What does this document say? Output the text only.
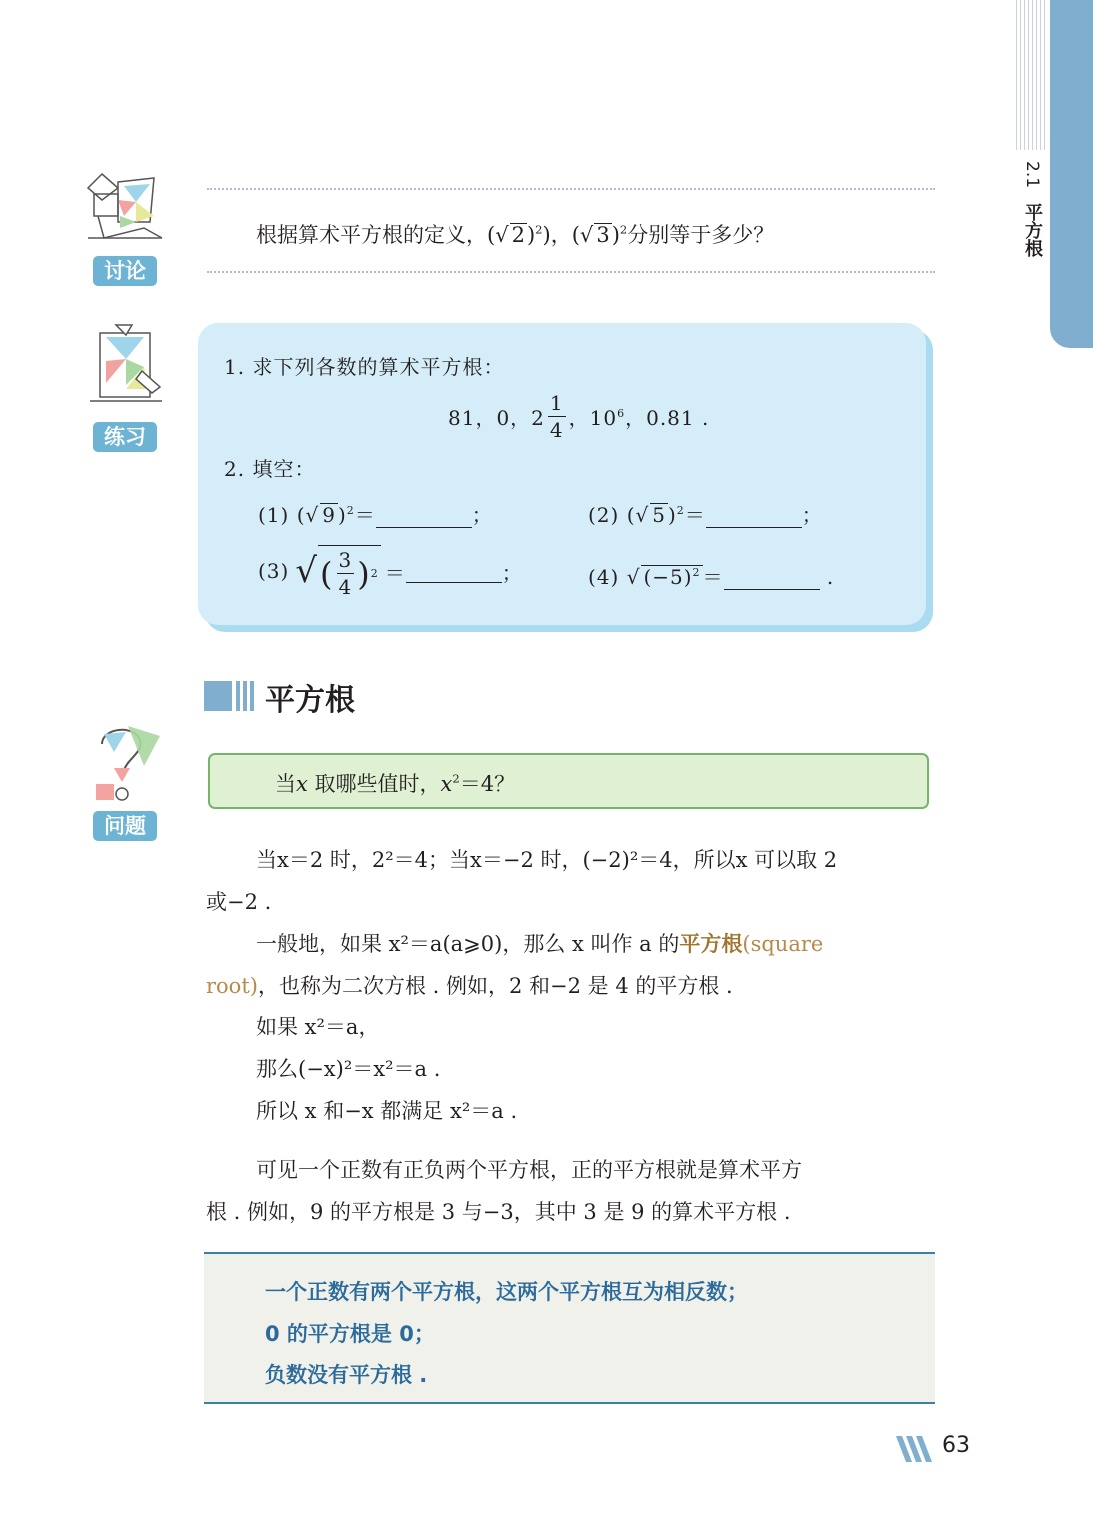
2.1
平方根
讨论
根据算术平方根的定义，(√ 2)$^2$)，(√ 3)$^2$分别等于多少？
练习
1. 求下列各数的算术平方根：
81，0，$2 \frac{1}{4}$ ，$10^6$，0.81 .
2. 填空：
(1) (√ 9 )$^2$＝	；	(2) (√ 5 )$^2$＝	；
(3) √ ( $\frac{3}{4}$ ) 2 ＝	；	(4) √ $(-5)^2$ ＝	.
平方根
问题
当x 取哪些值时，$x^2=4$？
当x＝2 时，2²＝4；当x＝−2 时，(−2)²＝4，所以x 可以取 2
或−2 .
一般地，如果 x²＝a(a⩾0)，那么 x 叫作 a 的平方根(square
root)，也称为二次方根 . 例如，2 和−2 是 4 的平方根 .
如果 x²＝a，
那么(−x)²＝x²＝a .
所以 x 和−x 都满足 x²＝a .
可见一个正数有正负两个平方根，正的平方根就是算术平方
根 . 例如，9 的平方根是 3 与−3，其中 3 是 9 的算术平方根 .
一个正数有两个平方根，这两个平方根互为相反数；
0 的平方根是 0；
负数没有平方根 .
63
